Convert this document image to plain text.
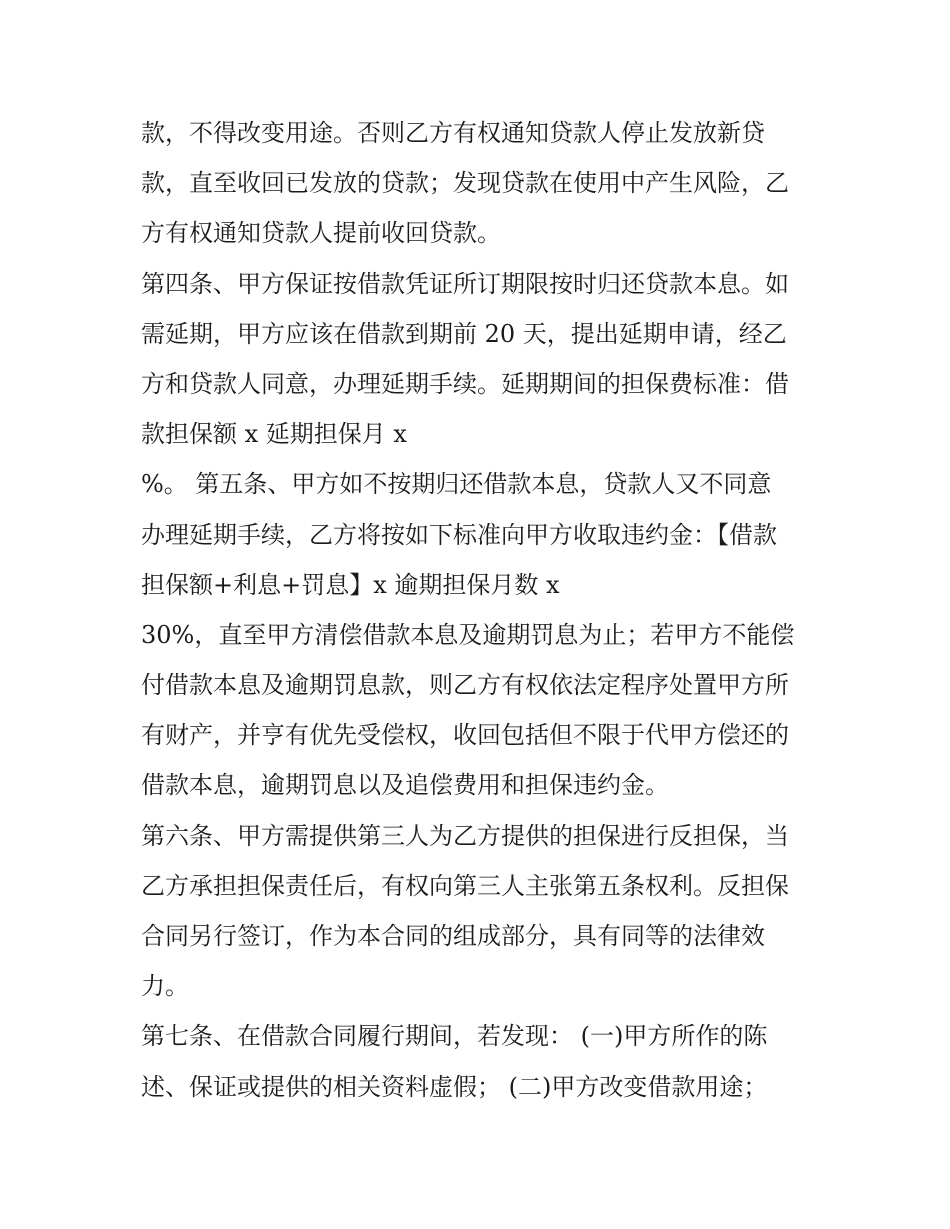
款，不得改变用途。否则乙方有权通知贷款人停止发放新贷
款，直至收回已发放的贷款；发现贷款在使用中产生风险，乙
方有权通知贷款人提前收回贷款。
第四条、甲方保证按借款凭证所订期限按时归还贷款本息。如
需延期，甲方应该在借款到期前 20 天，提出延期申请，经乙
方和贷款人同意，办理延期手续。延期期间的担保费标准：借
款担保额 x 延期担保月 x
%。 第五条、甲方如不按期归还借款本息，贷款人又不同意
办理延期手续，乙方将按如下标准向甲方收取违约金：【借款
担保额+利息+罚息】x 逾期担保月数 x
30%，直至甲方清偿借款本息及逾期罚息为止；若甲方不能偿
付借款本息及逾期罚息款，则乙方有权依法定程序处置甲方所
有财产，并亨有优先受偿权，收回包括但不限于代甲方偿还的
借款本息，逾期罚息以及追偿费用和担保违约金。
第六条、甲方需提供第三人为乙方提供的担保进行反担保，当
乙方承担担保责任后，有权向第三人主张第五条权利。反担保
合同另行签订，作为本合同的组成部分，具有同等的法律效
力。
第七条、在借款合同履行期间，若发现： (一)甲方所作的陈
述、保证或提供的相关资料虚假； (二)甲方改变借款用途；
